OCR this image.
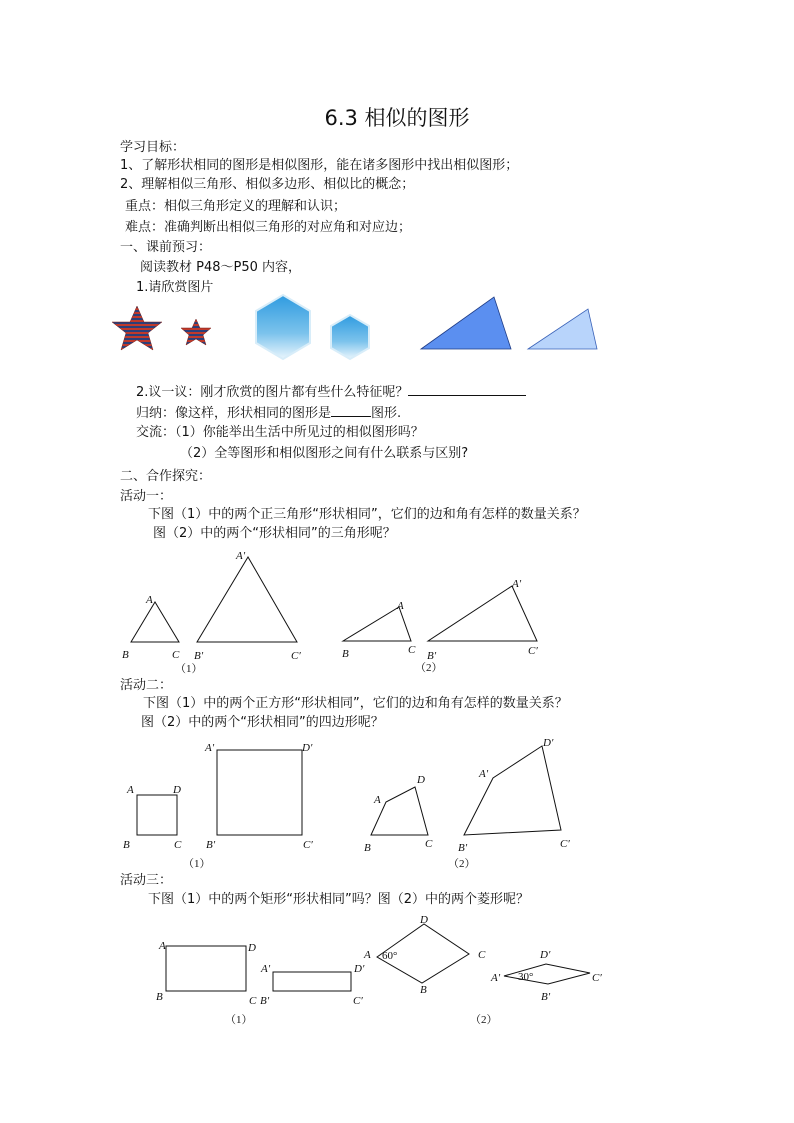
6.3 相似的图形
学习目标：
1、了解形状相同的图形是相似图形，能在诸多图形中找出相似图形；
2、理解相似三角形、相似多边形、相似比的概念；
重点：相似三角形定义的理解和认识；
难点：准确判断出相似三角形的对应角和对应边；
一、课前预习：
阅读教材 P48～P50 内容，
1.请欣赏图片
2.议一议：刚才欣赏的图片都有些什么特征呢？
归纳：像这样，形状相同的图形是	图形.
交流：（1）你能举出生活中所见过的相似图形吗？
（2）全等图形和相似图形之间有什么联系与区别?
二、合作探究：
活动一：
下图（1）中的两个正三角形“形状相同”，它们的边和角有怎样的数量关系？
图（2）中的两个“形状相同”的三角形呢？
A
B	C
A′
B′	C′
（1）
A
B	C
A′
B′	C′
（2）
活动二：
下图（1）中的两个正方形“形状相同”，它们的边和角有怎样的数量关系？
图（2）中的两个“形状相同”的四边形呢？
A	D
B	C
A′	D′
B′	C′
（1）
A
D
B	C
A′
D′
B′	C′
（2）
活动三：
下图（1）中的两个矩形“形状相同”吗？图（2）中的两个菱形呢？
A	D
B	C
A′	D′
B′	C′
（1）
D
A 60°	C
B
D′
A′ 30°	C′
B′
（2）
